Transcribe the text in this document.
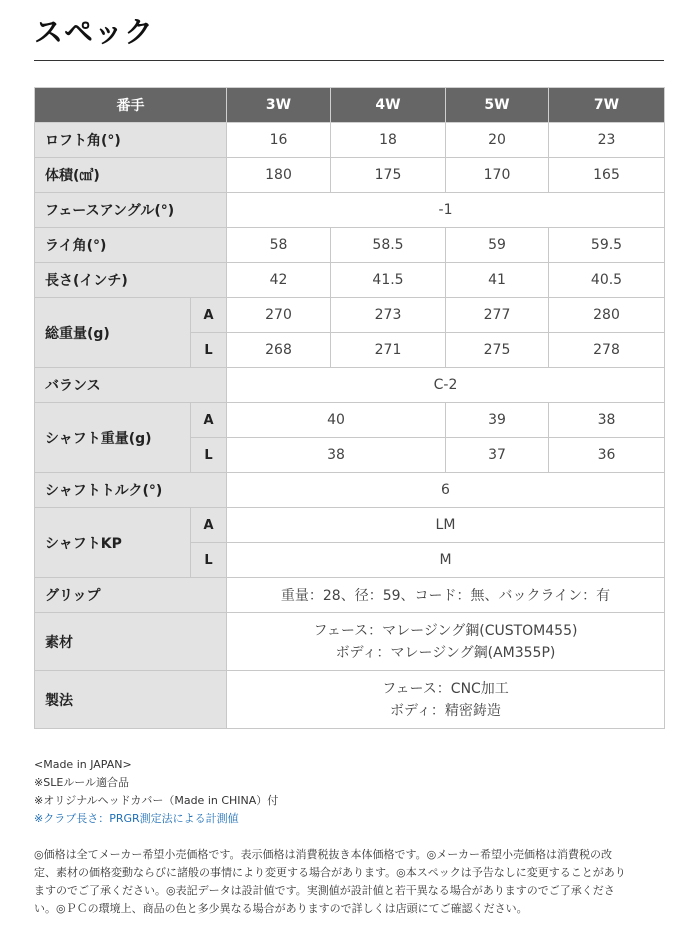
スペック
番手		3W	4W	5W	7W
ロフト角(°)		16	18	20	23
体積(㎤)		180	175	170	165
フェースアングル(°)		-1			
ライ角(°)		58	58.5	59	59.5
長さ(インチ)		42	41.5	41	40.5
総重量(g)	A	270	273	277	280
	L	268	271	275	278
バランス		C-2			
シャフト重量(g)	A	40		39	38
	L	38		37	36
シャフトトルク(°)		6			
シャフトKP	A	LM			
	L	M			
グリップ		重量：28、径：59、コード：無、バックライン：有			
素材		フェース：マレージング鋼(CUSTOM455)
ボディ：マレージング鋼(AM355P)			

製法		フェース：CNC加工
ボディ：精密鋳造			
<Made in JAPAN>
※SLEルール適合品
※オリジナルヘッドカバー（Made in CHINA）付
※クラブ長さ：PRGR測定法による計測値
◎価格は全てメーカー希望小売価格です。表示価格は消費税抜き本体価格です。◎メーカー希望小売価格は消費税の改
定、素材の価格変動ならびに諸般の事情により変更する場合があります。◎本スペックは予告なしに変更することがあり
ますのでご了承ください。◎表記データは設計値です。実測値が設計値と若干異なる場合がありますのでご了承くださ
い。◎ＰＣの環境上、商品の色と多少異なる場合がありますので詳しくは店頭にてご確認ください。
